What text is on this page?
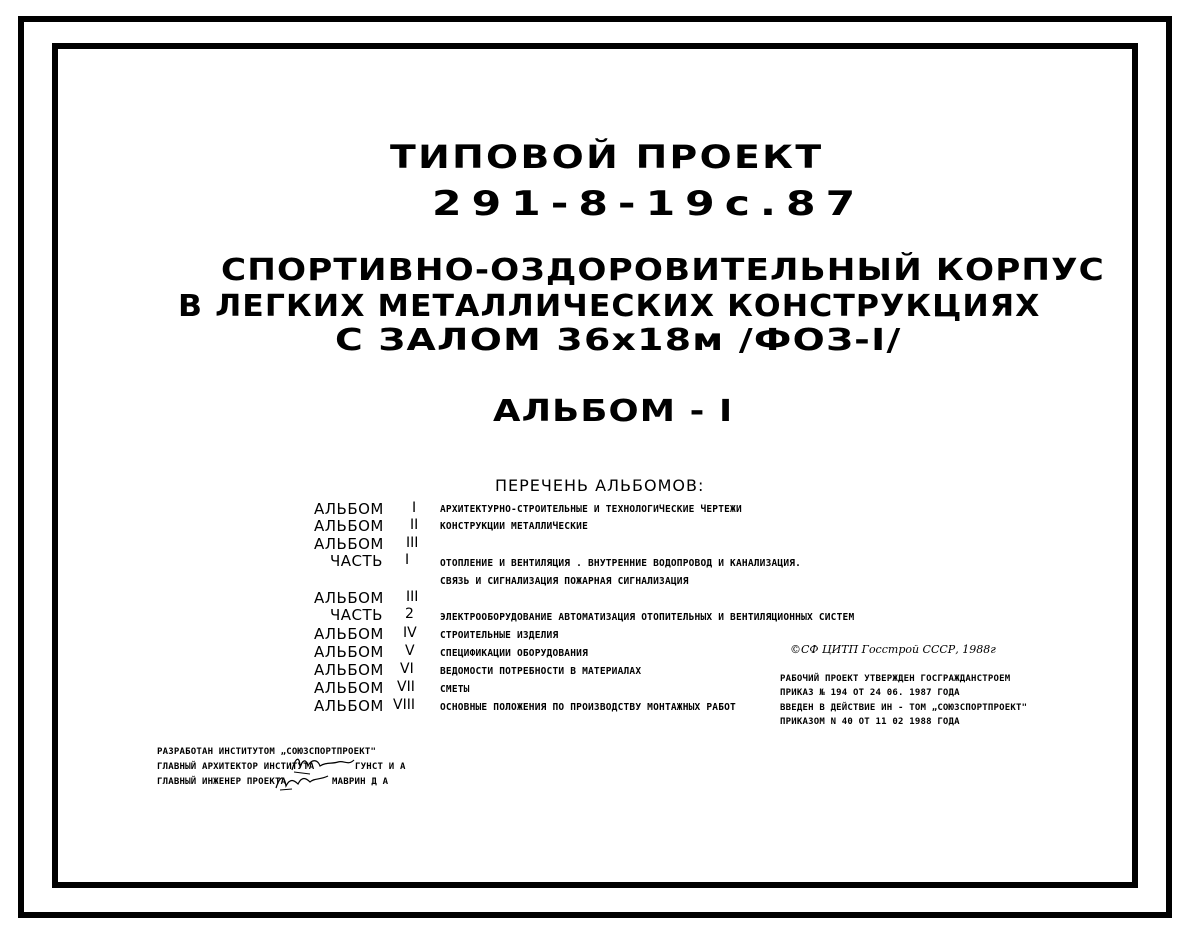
ТИПОВОЙ ПРОЕКТ
291-8-19с.87
СПОРТИВНО-ОЗДОРОВИТЕЛЬНЫЙ КОРПУС
В ЛЕГКИХ МЕТАЛЛИЧЕСКИХ КОНСТРУКЦИЯХ
С ЗАЛОМ 36х18м /ФОЗ-I/
АЛЬБОМ - I
ПЕРЕЧЕНЬ АЛЬБОМОВ:
АЛЬБОМ I	АРХИТЕКТУРНО-СТРОИТЕЛЬНЫЕ И ТЕХНОЛОГИЧЕСКИЕ ЧЕРТЕЖИ
АЛЬБОМ II КОНСТРУКЦИИ МЕТАЛЛИЧЕСКИЕ
АЛЬБОМ III
ЧАСТЬ I	ОТОПЛЕНИЕ И ВЕНТИЛЯЦИЯ . ВНУТРЕННИЕ ВОДОПРОВОД И КАНАЛИЗАЦИЯ.
СВЯЗЬ И СИГНАЛИЗАЦИЯ ПОЖАРНАЯ СИГНАЛИЗАЦИЯ
АЛЬБОМ III
ЧАСТЬ 2	ЭЛЕКТРООБОРУДОВАНИЕ АВТОМАТИЗАЦИЯ ОТОПИТЕЛЬНЫХ И ВЕНТИЛЯЦИОННЫХ СИСТЕМ
АЛЬБОМ IV СТРОИТЕЛЬНЫЕ ИЗДЕЛИЯ
АЛЬБОМ V	СПЕЦИФИКАЦИИ ОБОРУДОВАНИЯ
АЛЬБОМ VI	ВЕДОМОСТИ ПОТРЕБНОСТИ В МАТЕРИАЛАХ
АЛЬБОМ VII	СМЕТЫ
АЛЬБОМ VIII	ОСНОВНЫЕ ПОЛОЖЕНИЯ ПО ПРОИЗВОДСТВУ МОНТАЖНЫХ РАБОТ
©СФ ЦИТП Госстрой СССР, 1988г
РАБОЧИЙ ПРОЕКТ УТВЕРЖДЕН ГОСГРАЖДАНСТРОЕМ
ПРИКАЗ № 194 ОТ 24 06. 1987 ГОДА
ВВЕДЕН В ДЕЙСТВИЕ ИН - ТОМ „СОЮЗСПОРТПРОЕКТ"
ПРИКАЗОМ N 40 ОТ 11 02 1988 ГОДА
РАЗРАБОТАН ИНСТИТУТОМ „СОЮЗСПОРТПРОЕКТ"
ГЛАВНЫЙ АРХИТЕКТОР ИНСТИТУТА	ГУНСТ И А
ГЛАВНЫЙ ИНЖЕНЕР ПРОЕКТА	МАВРИН Д А
